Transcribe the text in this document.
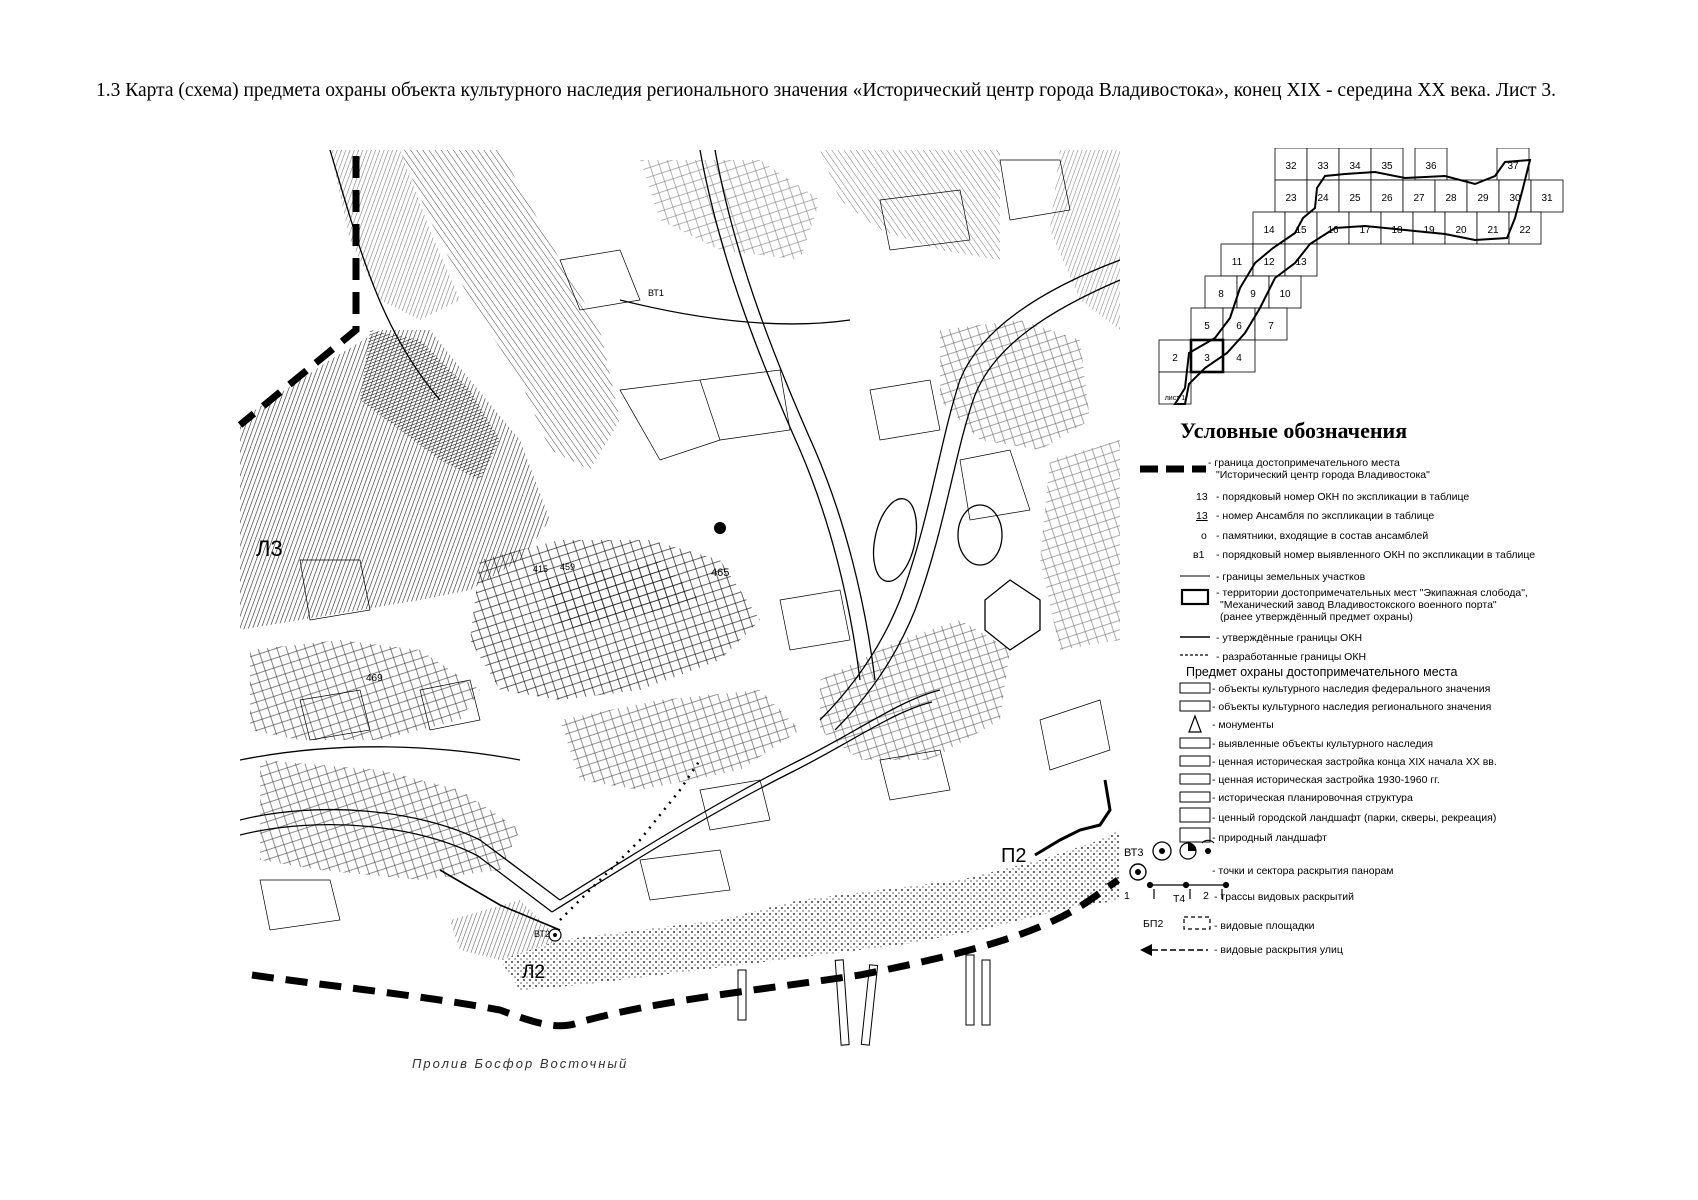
1.3 Карта (схема) предмета охраны объекта культурного наследия регионального значения «Исторический центр города Владивостока», конец XIX - середина XX века. Лист 3.
Л3
П2
Л2
ВТ3
ВТ1
ВТ2
415 459	465
469
Пролив Босфор Восточный
32 33 34 35	36	37
23 24 25 26 27 28 29 30 31
14 15 16 17 18 19 20 21 22
11 12 13
8	9 10
5	6	7
2	3	4
лист 1
Условные обозначения
- граница достопримечательного места
"Исторический центр города Владивостока"
13 - порядковый номер ОКН по экспликации в таблице
13 - номер Ансамбля по экспликации в таблице
о - памятники, входящие в состав ансамблей
в1 - порядковый номер выявленного ОКН по экспликации в таблице
- границы земельных участков
- территории достопримечательных мест "Экипажная слобода",
"Механический завод Владивостокского военного порта"
(ранее утверждённый предмет охраны)
- утверждённые границы ОКН
- разработанные границы ОКН
Предмет охраны достопримечательного места
- объекты культурного наследия федерального значения
- объекты культурного наследия регионального значения
- монументы
- выявленные объекты культурного наследия
- ценная историческая застройка конца XIX начала XX вв.
- ценная историческая застройка 1930-1960 гг.
- историческая планировочная структура
- ценный городской ландшафт (парки, скверы, рекреация)
- природный ландшафт
- точки и сектора раскрытия панорам
1	Т4 2 - трассы видовых раскрытий
БП2	- видовые площадки
- видовые раскрытия улиц
